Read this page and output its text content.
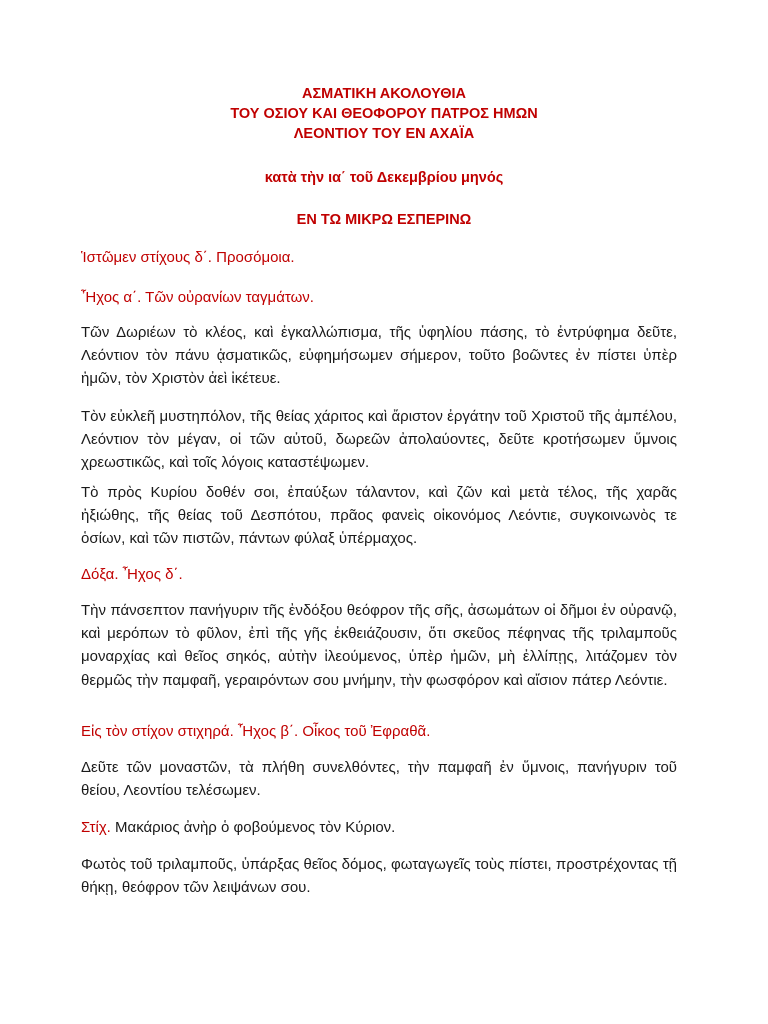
ΑΣΜΑΤΙΚΗ ΑΚΟΛΟΥΘΙΑ
ΤΟΥ ΟΣΙΟΥ ΚΑΙ ΘΕΟΦΟΡΟΥ ΠΑΤΡΟΣ ΗΜΩΝ
ΛΕΟΝΤΙΟΥ ΤΟΥ ΕΝ ΑΧΑΪΑ
κατὰ τὴν ια΄ τοῦ Δεκεμβρίου μηνός
ΕΝ ΤΩ ΜΙΚΡΩ ΕΣΠΕΡΙΝΩ
Ἱστῶμεν στίχους δ΄. Προσόμοια.
Ἦχος α΄. Τῶν οὐρανίων ταγμάτων.
Τῶν Δωριέων τὸ κλέος, καὶ ἐγκαλλώπισμα, τῆς ὑφηλίου πάσης, τὸ ἐντρύφημα δεῦτε, Λεόντιον τὸν πάνυ ᾀσματικῶς, εὐφημήσωμεν σήμερον, τοῦτο βοῶντες ἐν πίστει ὑπὲρ ἡμῶν, τὸν Χριστὸν ἀεὶ ἱκέτευε.
Τὸν εὐκλεῆ μυστηπόλον, τῆς θείας χάριτος καὶ ἄριστον ἐργάτην τοῦ Χριστοῦ τῆς ἀμπέλου, Λεόντιον τὸν μέγαν, οἱ τῶν αὐτοῦ, δωρεῶν ἀπολαύοντες, δεῦτε κροτήσωμεν ὕμνοις χρεωστικῶς, καὶ τοῖς λόγοις καταστέψωμεν.
Τὸ πρὸς Κυρίου δοθέν σοι, ἐπαύξων τάλαντον, καὶ ζῶν καὶ μετὰ τέλος, τῆς χαρᾶς ἠξιώθης, τῆς θείας τοῦ Δεσπότου, πρᾶος φανεὶς οἰκονόμος Λεόντιε, συγκοινωνὸς τε ὁσίων, καὶ τῶν πιστῶν, πάντων φύλαξ ὑπέρμαχος.
Δόξα. Ἦχος δ΄.
Τὴν πάνσεπτον πανήγυριν τῆς ἐνδόξου θεόφρον τῆς σῆς, ἀσωμάτων οἱ δῆμοι ἐν οὐρανῷ, καὶ μερόπων τὸ φῦλον, ἐπὶ τῆς γῆς ἐκθειάζουσιν, ὅτι σκεῦος πέφηνας τῆς τριλαμποῦς μοναρχίας καὶ θεῖος σηκός, αὐτὴν ἱλεούμενος, ὑπὲρ ἡμῶν, μὴ ἐλλίπῃς, λιτάζομεν τὸν θερμῶς τὴν παμφαῆ, γεραιρόντων σου μνήμην, τὴν φωσφόρον καὶ αἴσιον πάτερ Λεόντιε.
Εἰς τὸν στίχον στιχηρά. Ἦχος β΄. Οἶκος τοῦ Ἐφραθᾶ.
Δεῦτε τῶν μοναστῶν, τὰ πλήθη συνελθόντες, τὴν παμφαῆ ἐν ὕμνοις, πανήγυριν τοῦ θείου, Λεοντίου τελέσωμεν.
Στίχ. Μακάριος ἀνὴρ ὁ φοβούμενος τὸν Κύριον.
Φωτὸς τοῦ τριλαμποῦς, ὑπάρξας θεῖος δόμος, φωταγωγεῖς τοὺς πίστει, προστρέχοντας τῇ θήκῃ, θεόφρον τῶν λειψάνων σου.
